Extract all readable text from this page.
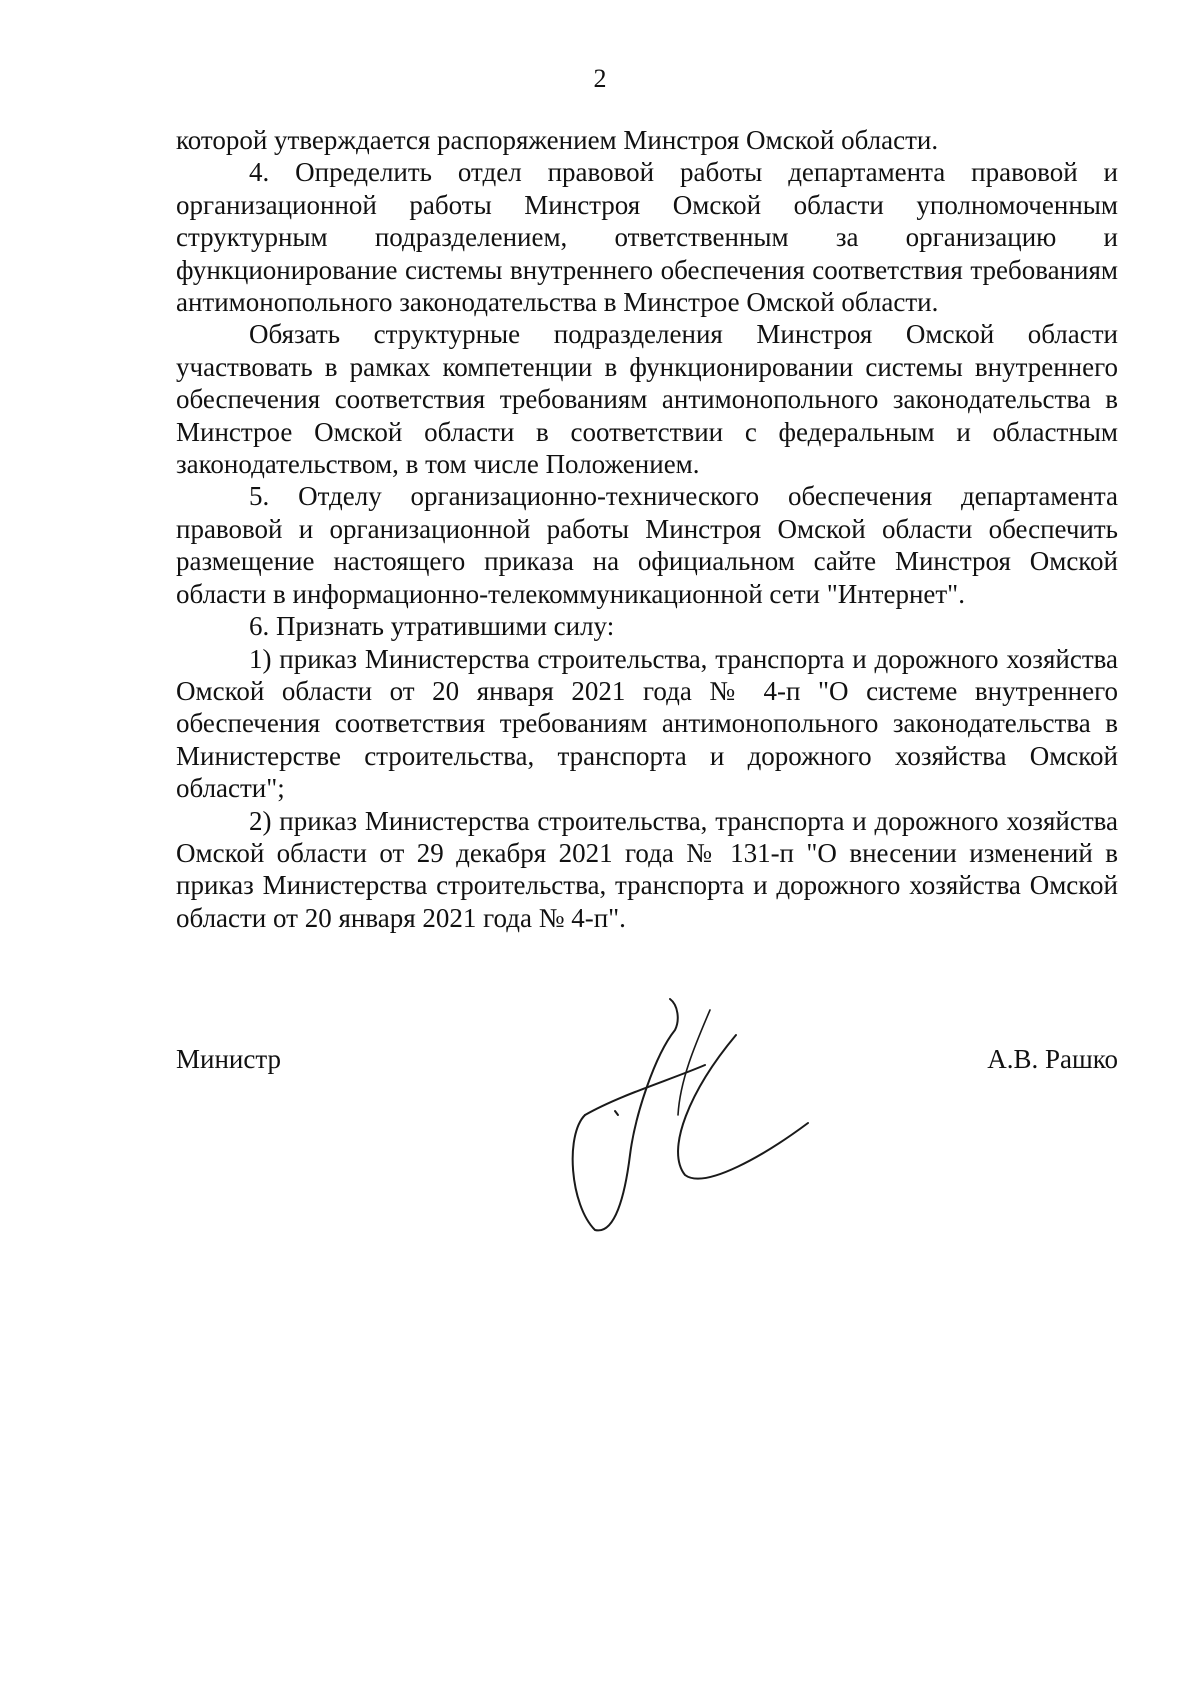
2

которой утверждается распоряжением Минстроя Омской области.

4. Определить отдел правовой работы департамента правовой и организационной работы Минстроя Омской области уполномоченным структурным подразделением, ответственным за организацию и функционирование системы внутреннего обеспечения соответствия требованиям антимонопольного законодательства в Минстрое Омской области.

Обязать структурные подразделения Минстроя Омской области участвовать в рамках компетенции в функционировании системы внутреннего обеспечения соответствия требованиям антимонопольного законодательства в Минстрое Омской области в соответствии с федеральным и областным законодательством, в том числе Положением.

5. Отделу организационно-технического обеспечения департамента правовой и организационной работы Минстроя Омской области обеспечить размещение настоящего приказа на официальном сайте Минстроя Омской области в информационно-телекоммуникационной сети "Интернет".

6. Признать утратившими силу:

1) приказ Министерства строительства, транспорта и дорожного хозяйства Омской области от 20 января 2021 года № 4-п "О системе внутреннего обеспечения соответствия требованиям антимонопольного законодательства в Министерстве строительства, транспорта и дорожного хозяйства Омской области";

2) приказ Министерства строительства, транспорта и дорожного хозяйства Омской области от 29 декабря 2021 года № 131-п "О внесении изменений в приказ Министерства строительства, транспорта и дорожного хозяйства Омской области от 20 января 2021 года № 4-п".

Министр	А.В. Рашко
